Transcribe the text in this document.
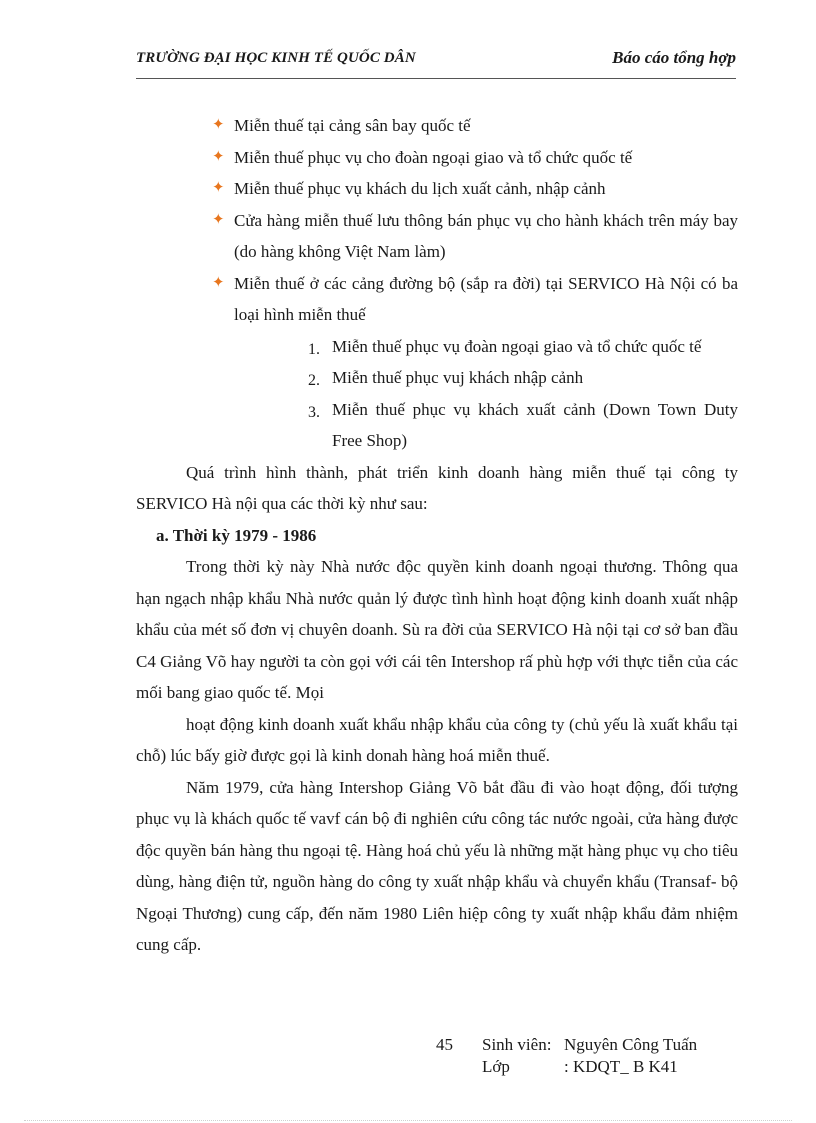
TRƯỜNG ĐẠI HỌC KINH TẾ QUỐC DÂN	Báo cáo tổng hợp
✦ Miễn thuế tại cảng sân bay quốc tế
✦ Miễn thuế phục vụ cho đoàn ngoại giao và tổ chức quốc tế
✦ Miễn thuế phục vụ khách du lịch xuất cảnh, nhập cảnh
✦ Cửa hàng miễn thuế lưu thông bán phục vụ cho hành khách trên máy bay (do hàng không Việt Nam làm)
✦ Miễn thuế ở các cảng đường bộ (sắp ra đời) tại SERVICO Hà Nội có ba loại hình miễn thuế
1. Miễn thuế phục vụ đoàn ngoại giao và tổ chức quốc tế
2. Miễn thuế phục vuj khách nhập cảnh
3. Miễn thuế phục vụ khách xuất cảnh (Down Town Duty Free Shop)

Quá trình hình thành, phát triển kinh doanh hàng miễn thuế tại công ty SERVICO Hà nội qua các thời kỳ như sau:

a. Thời kỳ 1979 - 1986

Trong thời kỳ này Nhà nước độc quyền kinh doanh ngoại thương. Thông qua hạn ngạch nhập khẩu Nhà nước quản lý được tình hình hoạt động kinh doanh xuất nhập khẩu của mét số đơn vị chuyên doanh. Sù ra đời của SERVICO Hà nội tại cơ sở ban đầu C4 Giảng Võ hay người ta còn gọi với cái tên Intershop rấ phù hợp với thực tiễn của các mối bang giao quốc tế. Mọi

hoạt động kinh doanh xuất khẩu nhập khẩu của công ty (chủ yếu là xuất khẩu tại chỗ) lúc bấy giờ được gọi là kinh donah hàng hoá miễn thuế.

Năm 1979, cửa hàng Intershop Giảng Võ bắt đầu đi vào hoạt động, đối tượng phục vụ là khách quốc tế vavf cán bộ đi nghiên cứu công tác nước ngoài, cửa hàng được độc quyền bán hàng thu ngoại tệ. Hàng hoá chủ yếu là những mặt hàng phục vụ cho tiêu dùng, hàng điện tử, nguồn hàng do công ty xuất nhập khẩu và chuyển khẩu (Transaf- bộ Ngoại Thương) cung cấp, đến năm 1980 Liên hiệp công ty xuất nhập khẩu đảm nhiệm cung cấp.

45 Sinh viên: Nguyên Công Tuấn
Lớp	: KDQT_ B K41
